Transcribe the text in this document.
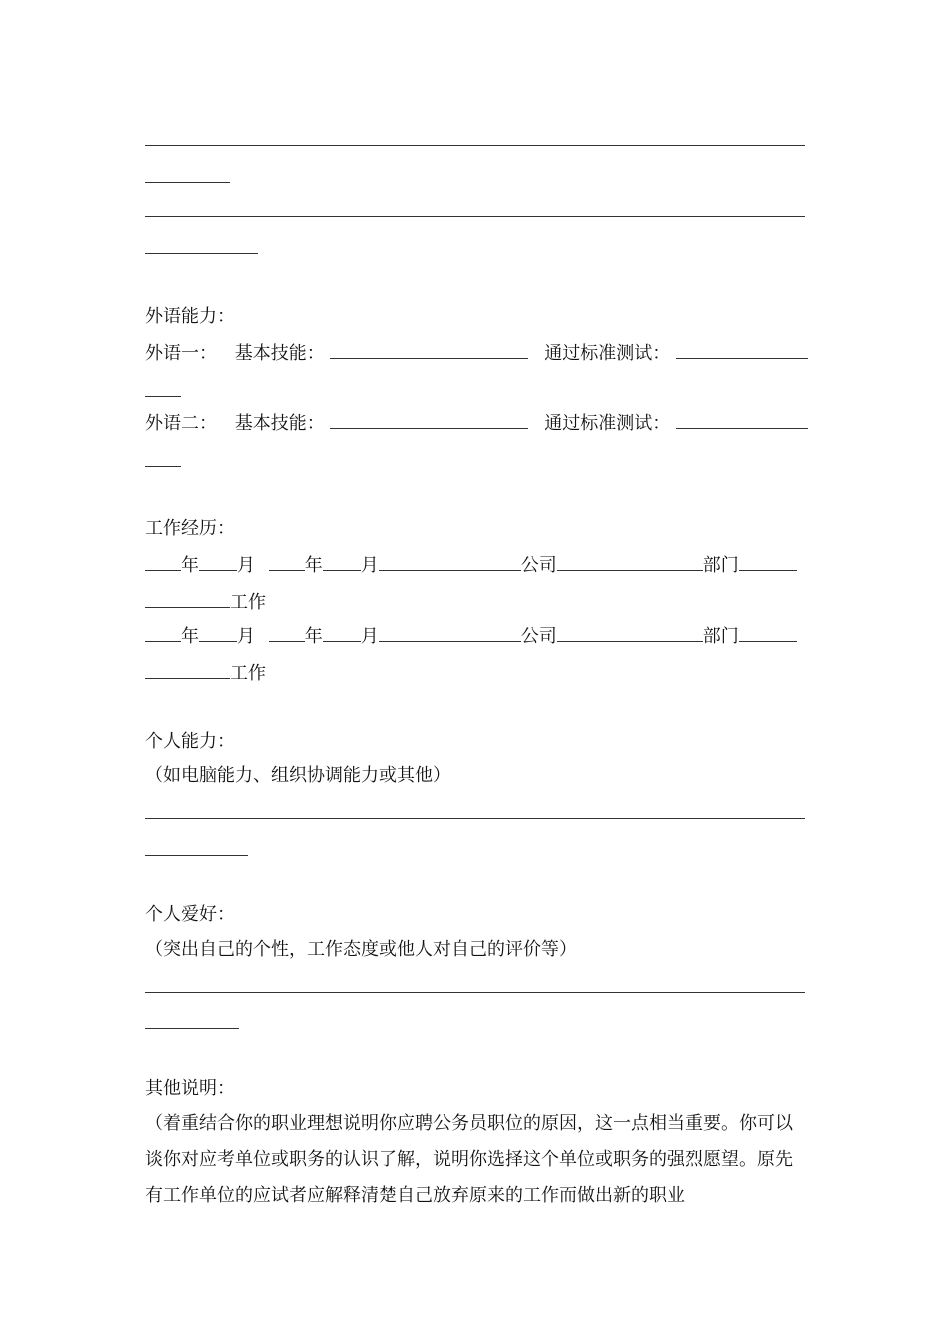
外语能力：
外语一： 基本技能：	通过标准测试：
外语二： 基本技能：	通过标准测试：
工作经历：
年 月	年 月	公司	部门
工作
年 月	年 月	公司	部门
工作
个人能力：
（如电脑能力、组织协调能力或其他）
个人爱好：
（突出自己的个性，工作态度或他人对自己的评价等）
其他说明：
（着重结合你的职业理想说明你应聘公务员职位的原因，这一点相当重要。你可以谈你对应考单位或职务的认识了解，说明你选择这个单位或职务的强烈愿望。原先有工作单位的应试者应解释清楚自己放弃原来的工作而做出新的职业
